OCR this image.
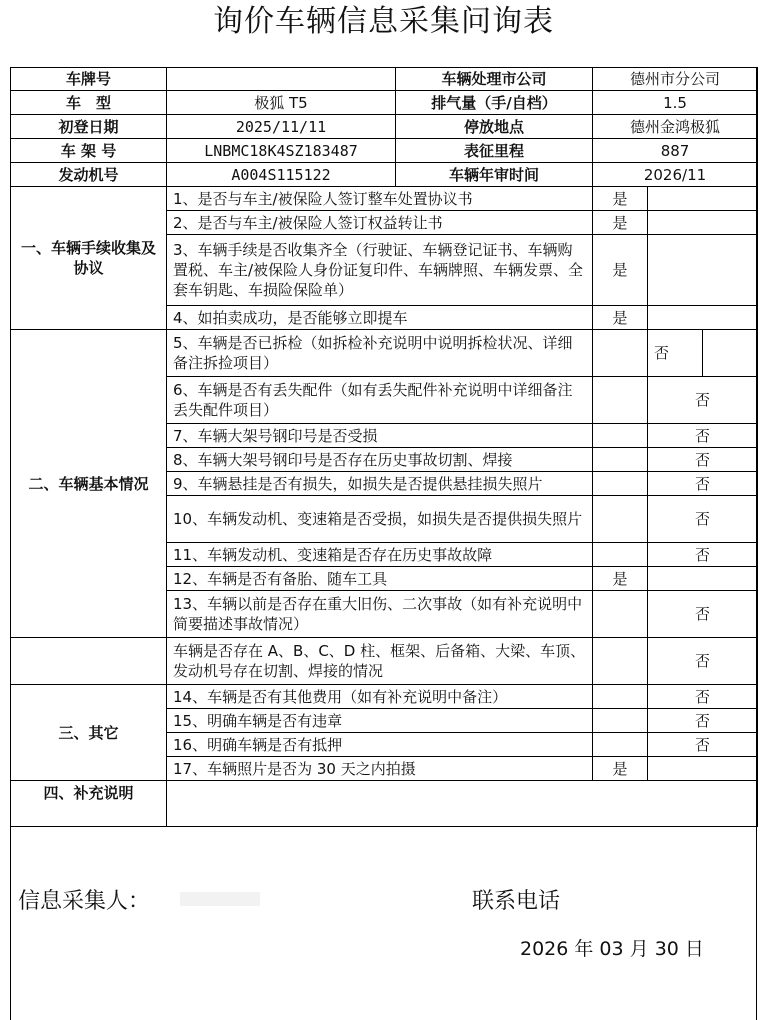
询价车辆信息采集问询表
车牌号		车辆处理市公司	德州市分公司		
车　型	极狐 T5	排气量（手/自档）	1.5		
初登日期	2025/11/11	停放地点	德州金鸿极狐		
车 架 号	LNBMC18K4SZ183487	表征里程	887		
发动机号	A004S115122	车辆年审时间	2026/11		
一、车辆手续收集及协议	1、是否与车主/被保险人签订整车处置协议书		是		
	2、是否与车主/被保险人签订权益转让书		是		
	3、车辆手续是否收集齐全（行驶证、车辆登记证书、车辆购置税、车主/被保险人身份证复印件、车辆牌照、车辆发票、全套车钥匙、车损险保险单）		是		
	4、如拍卖成功，是否能够立即提车		是		
二、车辆基本情况	5、车辆是否已拆检（如拆检补充说明中说明拆检状况、详细备注拆捡项目）			否	
	6、车辆是否有丢失配件（如有丢失配件补充说明中详细备注丢失配件项目）			否	
	7、车辆大架号钢印号是否受损			否	
	8、车辆大架号钢印号是否存在历史事故切割、焊接			否	
	9、车辆悬挂是否有损失，如损失是否提供悬挂损失照片			否	
	10、车辆发动机、变速箱是否受损，如损失是否提供损失照片			否	
	11、车辆发动机、变速箱是否存在历史事故故障			否	
	12、车辆是否有备胎、随车工具		是		
	13、车辆以前是否存在重大旧伤、二次事故（如有补充说明中简要描述事故情况）			否	
	车辆是否存在 A、B、C、D 柱、框架、后备箱、大梁、车顶、发动机号存在切割、焊接的情况			否	
三、其它	14、车辆是否有其他费用（如有补充说明中备注）			否	
	15、明确车辆是否有违章			否	
	16、明确车辆是否有抵押			否	
	17、车辆照片是否为 30 天之内拍摄		是		
四、补充说明					
信息采集人：	联系电话
2026 年 03 月 30 日
